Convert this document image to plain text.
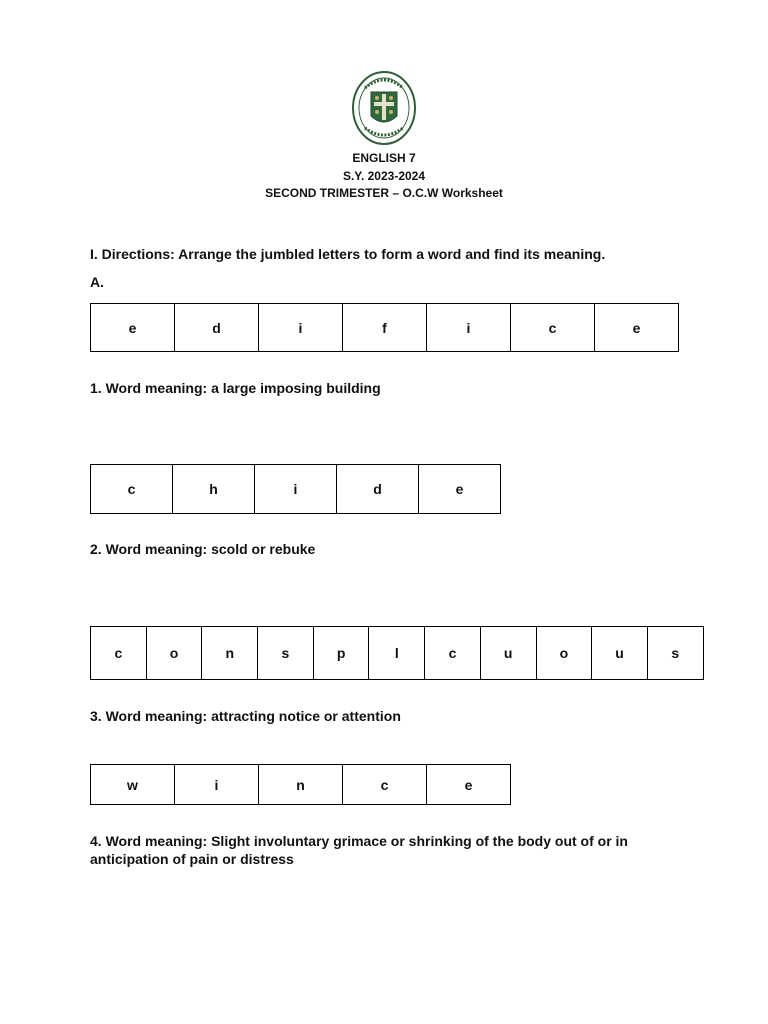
ENGLISH 7
S.Y. 2023-2024
SECOND TRIMESTER – O.C.W Worksheet
I. Directions: Arrange the jumbled letters to form a word and find its meaning.
A.
e	d	i	f	i	c	e
1. Word meaning: a large imposing building
c	h	i	d	e
2. Word meaning: scold or rebuke
c	o	n	s	p	l	c	u	o	u	s
3. Word meaning: attracting notice or attention
w	i	n	c	e
4. Word meaning: Slight involuntary grimace or shrinking of the body out of or in anticipation of pain or distress
